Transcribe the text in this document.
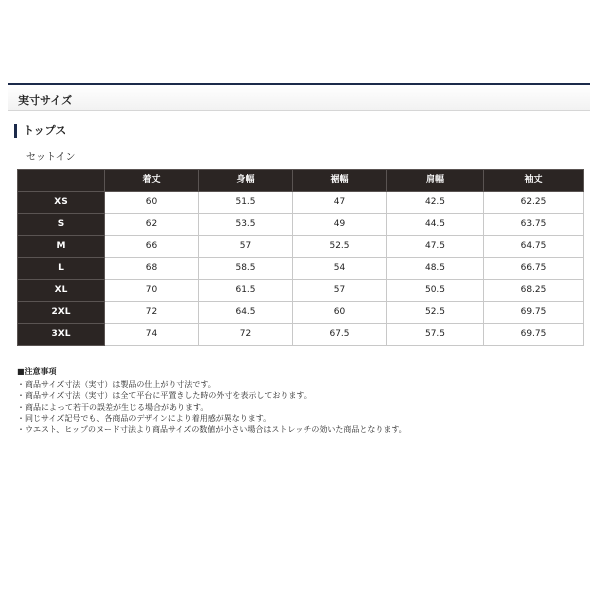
実寸サイズ
トップス
セットイン
	着丈	身幅	裾幅	肩幅	袖丈
XS	60	51.5	47	42.5	62.25
S	62	53.5	49	44.5	63.75
M	66	57	52.5	47.5	64.75
L	68	58.5	54	48.5	66.75
XL	70	61.5	57	50.5	68.25
2XL	72	64.5	60	52.5	69.75
3XL	74	72	67.5	57.5	69.75
■注意事項
・商品サイズ寸法（実寸）は製品の仕上がり寸法です。
・商品サイズ寸法（実寸）は全て平台に平置きした時の外寸を表示しております。
・商品によって若干の誤差が生じる場合があります。
・同じサイズ記号でも、各商品のデザインにより着用感が異なります。
・ウエスト、ヒップのヌード寸法より商品サイズの数値が小さい場合はストレッチの効いた商品となります。
